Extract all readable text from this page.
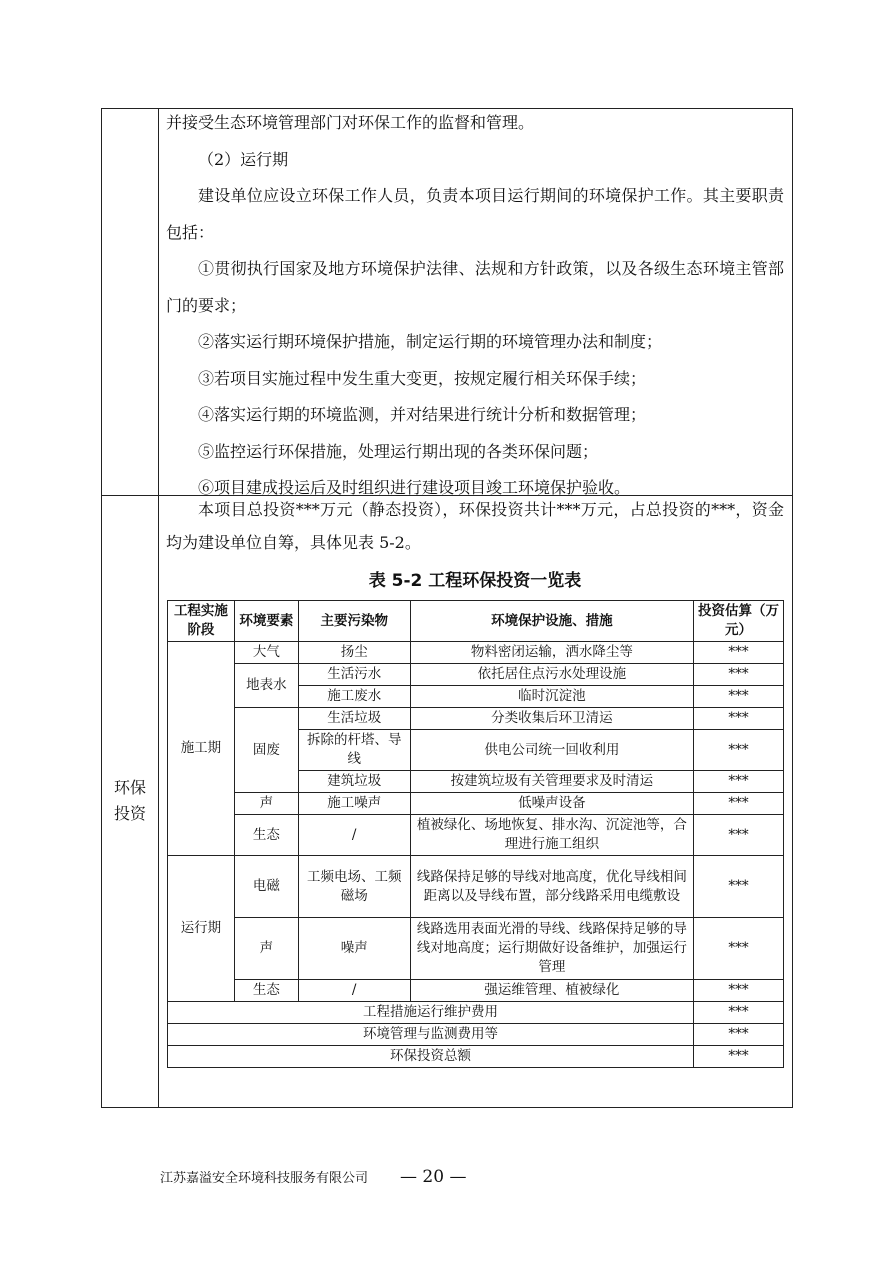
并接受生态环境管理部门对环保工作的监督和管理。

（2）运行期

建设单位应设立环保工作人员，负责本项目运行期间的环境保护工作。其主要职责包括：

①贯彻执行国家及地方环境保护法律、法规和方针政策，以及各级生态环境主管部门的要求；

②落实运行期环境保护措施，制定运行期的环境管理办法和制度；

③若项目实施过程中发生重大变更，按规定履行相关环保手续；

④落实运行期的环境监测，并对结果进行统计分析和数据管理；

⑤监控运行环保措施，处理运行期出现的各类环保问题；

⑥项目建成投运后及时组织进行建设项目竣工环境保护验收。

环保
投资

本项目总投资***万元（静态投资），环保投资共计***万元，占总投资的***，资金均为建设单位自筹，具体见表 5-2。

表 5-2 工程环保投资一览表
工程实施阶段	环境要素	主要污染物	环境保护设施、措施	投资估算（万元）
施工期	大气	扬尘	物料密闭运输，洒水降尘等	***
	地表水	生活污水	依托居住点污水处理设施	***
		施工废水	临时沉淀池	***
	固废	生活垃圾	分类收集后环卫清运	***
		拆除的杆塔、导线	供电公司统一回收利用	***
		建筑垃圾	按建筑垃圾有关管理要求及时清运	***
	声	施工噪声	低噪声设备	***
	生态	/	植被绿化、场地恢复、排水沟、沉淀池等，合理进行施工组织	***
运行期	电磁	工频电场、工频磁场	线路保持足够的导线对地高度，优化导线相间距离以及导线布置，部分线路采用电缆敷设	***
	声	噪声	线路选用表面光滑的导线、线路保持足够的导线对地高度；运行期做好设备维护，加强运行管理	***
	生态	/	强运维管理、植被绿化	***
工程措施运行维护费用				***
环境管理与监测费用等				***
环保投资总额				***
江苏嘉溢安全环境科技服务有限公司 — 20 —
